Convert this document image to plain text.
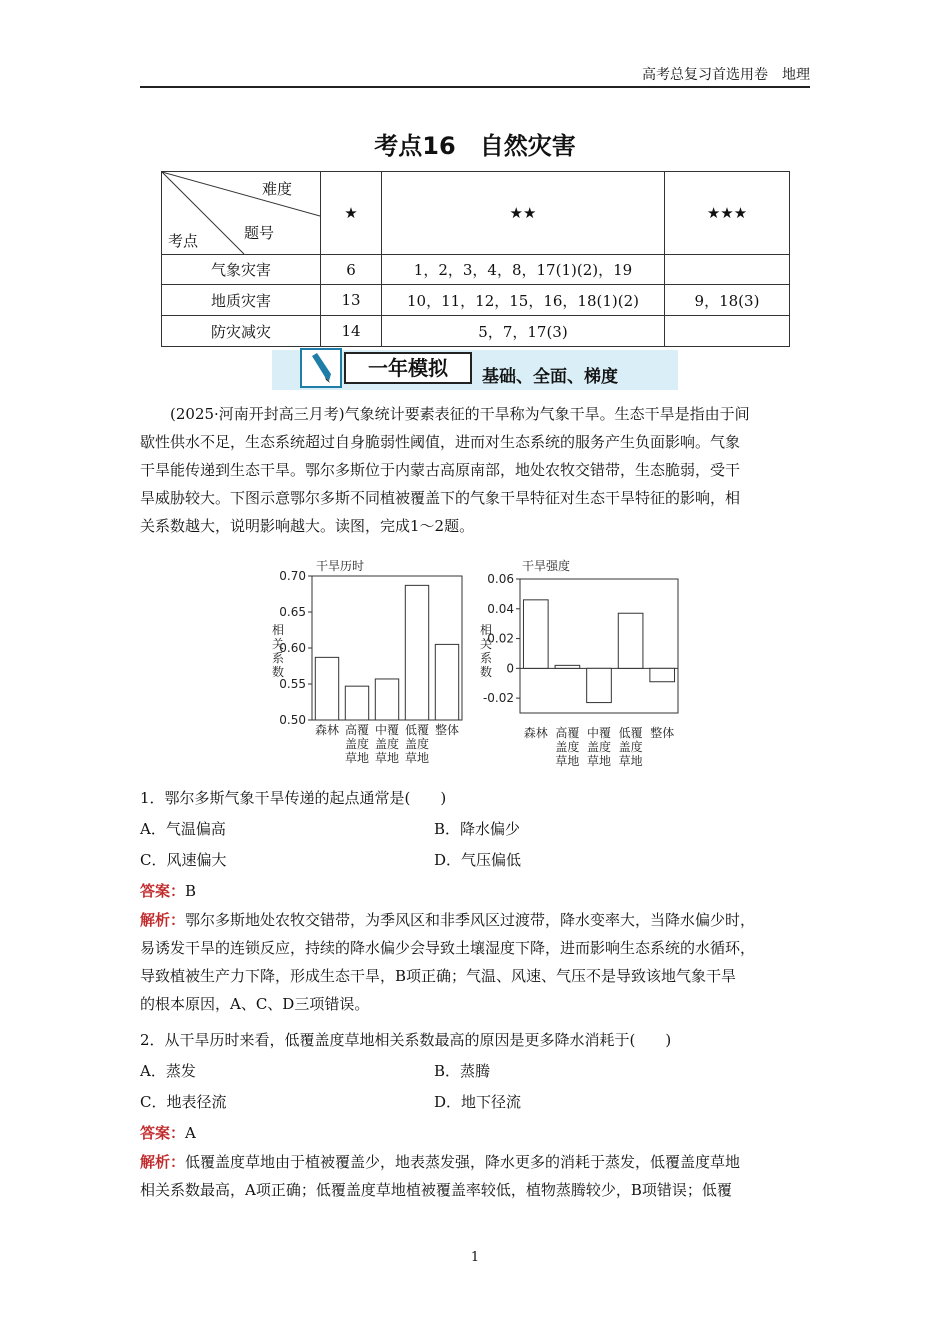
高考总复习首选用卷　地理
考点16　自然灾害
难度
题号
考点	★	★★	★★★
气象灾害	6	1，2，3，4，8，17(1)(2)，19	
地质灾害	13	10，11，12，15，16，18(1)(2)	9，18(3)
防灾减灾	14	5，7，17(3)	
一年模拟	基础、全面、梯度
(2025·河南开封高三月考)气象统计要素表征的干旱称为气象干旱。生态干旱是指由于间
歇性供水不足，生态系统超过自身脆弱性阈值，进而对生态系统的服务产生负面影响。气象
干旱能传递到生态干旱。鄂尔多斯位于内蒙古高原南部，地处农牧交错带，生态脆弱，受干
旱威胁较大。下图示意鄂尔多斯不同植被覆盖下的气象干旱特征对生态干旱特征的影响，相
关系数越大，说明影响越大。读图，完成1～2题。
干旱历时
相
关
系
数
0.50
0.55
0.60
0.65
0.70
森林 高覆
盖度
草地
中覆
盖度
草地
低覆
盖度
草地
整体
干旱强度
相
关
系
数
-0.02
0
0.02
0.04
0.06
森林 高覆
盖度
草地
中覆
盖度
草地
低覆
盖度
草地
整体
1．鄂尔多斯气象干旱传递的起点通常是(　　)
A．气温偏高	B．降水偏少
C．风速偏大	D．气压偏低
答案：B
解析：鄂尔多斯地处农牧交错带，为季风区和非季风区过渡带，降水变率大，当降水偏少时，
易诱发干旱的连锁反应，持续的降水偏少会导致土壤湿度下降，进而影响生态系统的水循环，
导致植被生产力下降，形成生态干旱，B项正确；气温、风速、气压不是导致该地气象干旱
的根本原因，A、C、D三项错误。
2．从干旱历时来看，低覆盖度草地相关系数最高的原因是更多降水消耗于(　　)
A．蒸发	B．蒸腾
C．地表径流	D．地下径流
答案：A
解析：低覆盖度草地由于植被覆盖少，地表蒸发强，降水更多的消耗于蒸发，低覆盖度草地
相关系数最高，A项正确；低覆盖度草地植被覆盖率较低，植物蒸腾较少，B项错误；低覆
1
